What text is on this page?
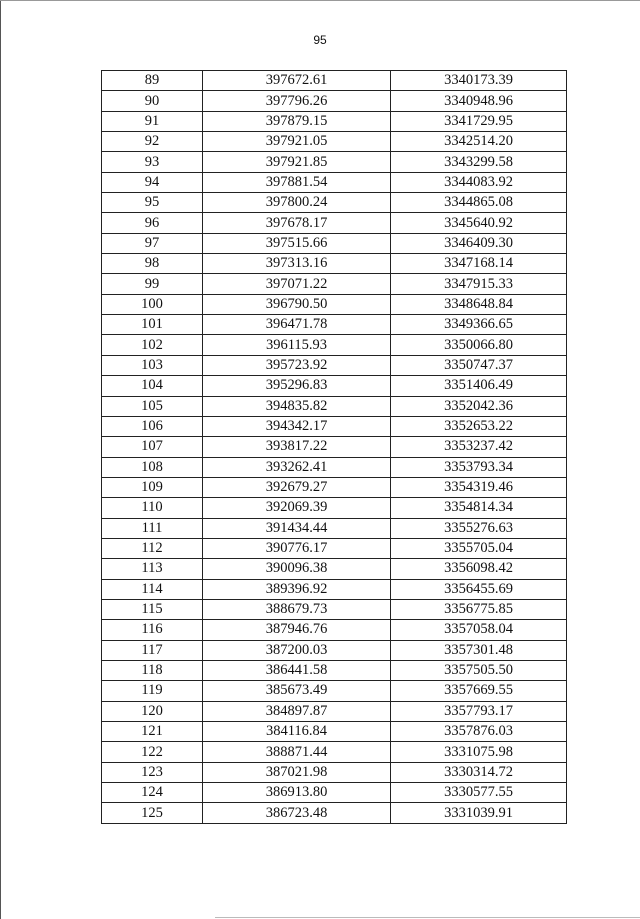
95
89	397672.61	3340173.39
90	397796.26	3340948.96
91	397879.15	3341729.95
92	397921.05	3342514.20
93	397921.85	3343299.58
94	397881.54	3344083.92
95	397800.24	3344865.08
96	397678.17	3345640.92
97	397515.66	3346409.30
98	397313.16	3347168.14
99	397071.22	3347915.33
100	396790.50	3348648.84
101	396471.78	3349366.65
102	396115.93	3350066.80
103	395723.92	3350747.37
104	395296.83	3351406.49
105	394835.82	3352042.36
106	394342.17	3352653.22
107	393817.22	3353237.42
108	393262.41	3353793.34
109	392679.27	3354319.46
110	392069.39	3354814.34
111	391434.44	3355276.63
112	390776.17	3355705.04
113	390096.38	3356098.42
114	389396.92	3356455.69
115	388679.73	3356775.85
116	387946.76	3357058.04
117	387200.03	3357301.48
118	386441.58	3357505.50
119	385673.49	3357669.55
120	384897.87	3357793.17
121	384116.84	3357876.03
122	388871.44	3331075.98
123	387021.98	3330314.72
124	386913.80	3330577.55
125	386723.48	3331039.91
